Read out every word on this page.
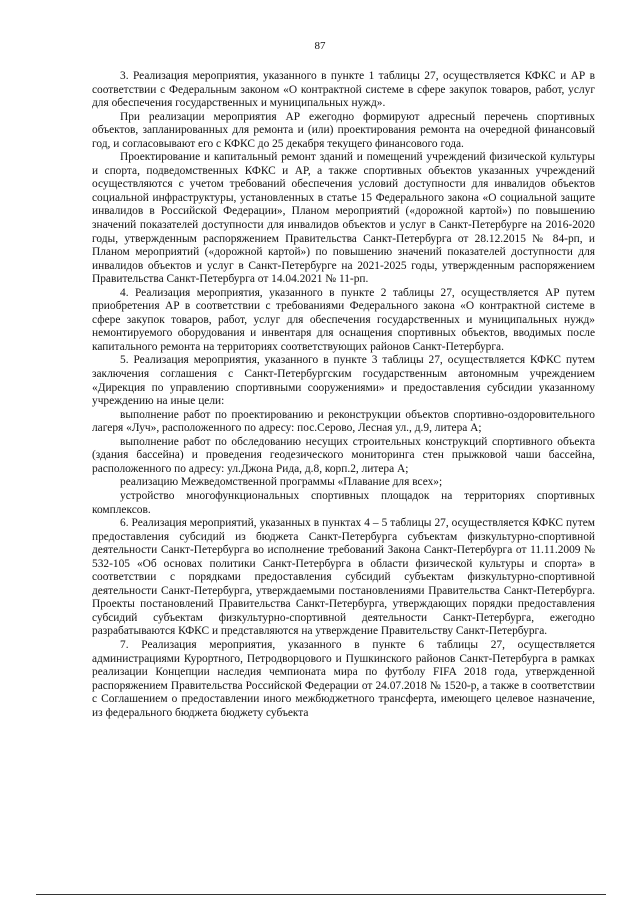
87

3. Реализация мероприятия, указанного в пункте 1 таблицы 27, осуществляется КФКС и АР в соответствии с Федеральным законом «О контрактной системе в сфере закупок товаров, работ, услуг для обеспечения государственных и муниципальных нужд».

При реализации мероприятия АР ежегодно формируют адресный перечень спортивных объектов, запланированных для ремонта и (или) проектирования ремонта на очередной финансовый год, и согласовывают его с КФКС до 25 декабря текущего финансового года.

Проектирование и капитальный ремонт зданий и помещений учреждений физической культуры и спорта, подведомственных КФКС и АР, а также спортивных объектов указанных учреждений осуществляются с учетом требований обеспечения условий доступности для инвалидов объектов социальной инфраструктуры, установленных в статье 15 Федерального закона «О социальной защите инвалидов в Российской Федерации», Планом мероприятий («дорожной картой») по повышению значений показателей доступности для инвалидов объектов и услуг в Санкт-Петербурге на 2016-2020 годы, утвержденным распоряжением Правительства Санкт-Петербурга от 28.12.2015 № 84-рп, и Планом мероприятий («дорожной картой») по повышению значений показателей доступности для инвалидов объектов и услуг в Санкт-Петербурге на 2021-2025 годы, утвержденным распоряжением Правительства Санкт-Петербурга от 14.04.2021 № 11-рп.

4. Реализация мероприятия, указанного в пункте 2 таблицы 27, осуществляется АР путем приобретения АР в соответствии с требованиями Федерального закона «О контрактной системе в сфере закупок товаров, работ, услуг для обеспечения государственных и муниципальных нужд» немонтируемого оборудования и инвентаря для оснащения спортивных объектов, вводимых после капитального ремонта на территориях соответствующих районов Санкт-Петербурга.

5. Реализация мероприятия, указанного в пункте 3 таблицы 27, осуществляется КФКС путем заключения соглашения с Санкт-Петербургским государственным автономным учреждением «Дирекция по управлению спортивными сооружениями» и предоставления субсидии указанному учреждению на иные цели:

выполнение работ по проектированию и реконструкции объектов спортивно-оздоровительного лагеря «Луч», расположенного по адресу: пос.Серово, Лесная ул., д.9, литера А;

выполнение работ по обследованию несущих строительных конструкций спортивного объекта (здания бассейна) и проведения геодезического мониторинга стен прыжковой чаши бассейна, расположенного по адресу: ул.Джона Рида, д.8, корп.2, литера А;

реализацию Межведомственной программы «Плавание для всех»;

устройство многофункциональных спортивных площадок на территориях спортивных комплексов.

6. Реализация мероприятий, указанных в пунктах 4 – 5 таблицы 27, осуществляется КФКС путем предоставления субсидий из бюджета Санкт-Петербурга субъектам физкультурно-спортивной деятельности Санкт-Петербурга во исполнение требований Закона Санкт-Петербурга от 11.11.2009 № 532-105 «Об основах политики Санкт-Петербурга в области физической культуры и спорта» в соответствии с порядками предоставления субсидий субъектам физкультурно-спортивной деятельности Санкт-Петербурга, утверждаемыми постановлениями Правительства Санкт-Петербурга. Проекты постановлений Правительства Санкт-Петербурга, утверждающих порядки предоставления субсидий субъектам физкультурно-спортивной деятельности Санкт-Петербурга, ежегодно разрабатываются КФКС и представляются на утверждение Правительству Санкт-Петербурга.

7. Реализация мероприятия, указанного в пункте 6 таблицы 27, осуществляется администрациями Курортного, Петродворцового и Пушкинского районов Санкт-Петербурга в рамках реализации Концепции наследия чемпионата мира по футболу FIFA 2018 года, утвержденной распоряжением Правительства Российской Федерации от 24.07.2018 № 1520-р, а также в соответствии с Соглашением о предоставлении иного межбюджетного трансферта, имеющего целевое назначение, из федерального бюджета бюджету субъекта
